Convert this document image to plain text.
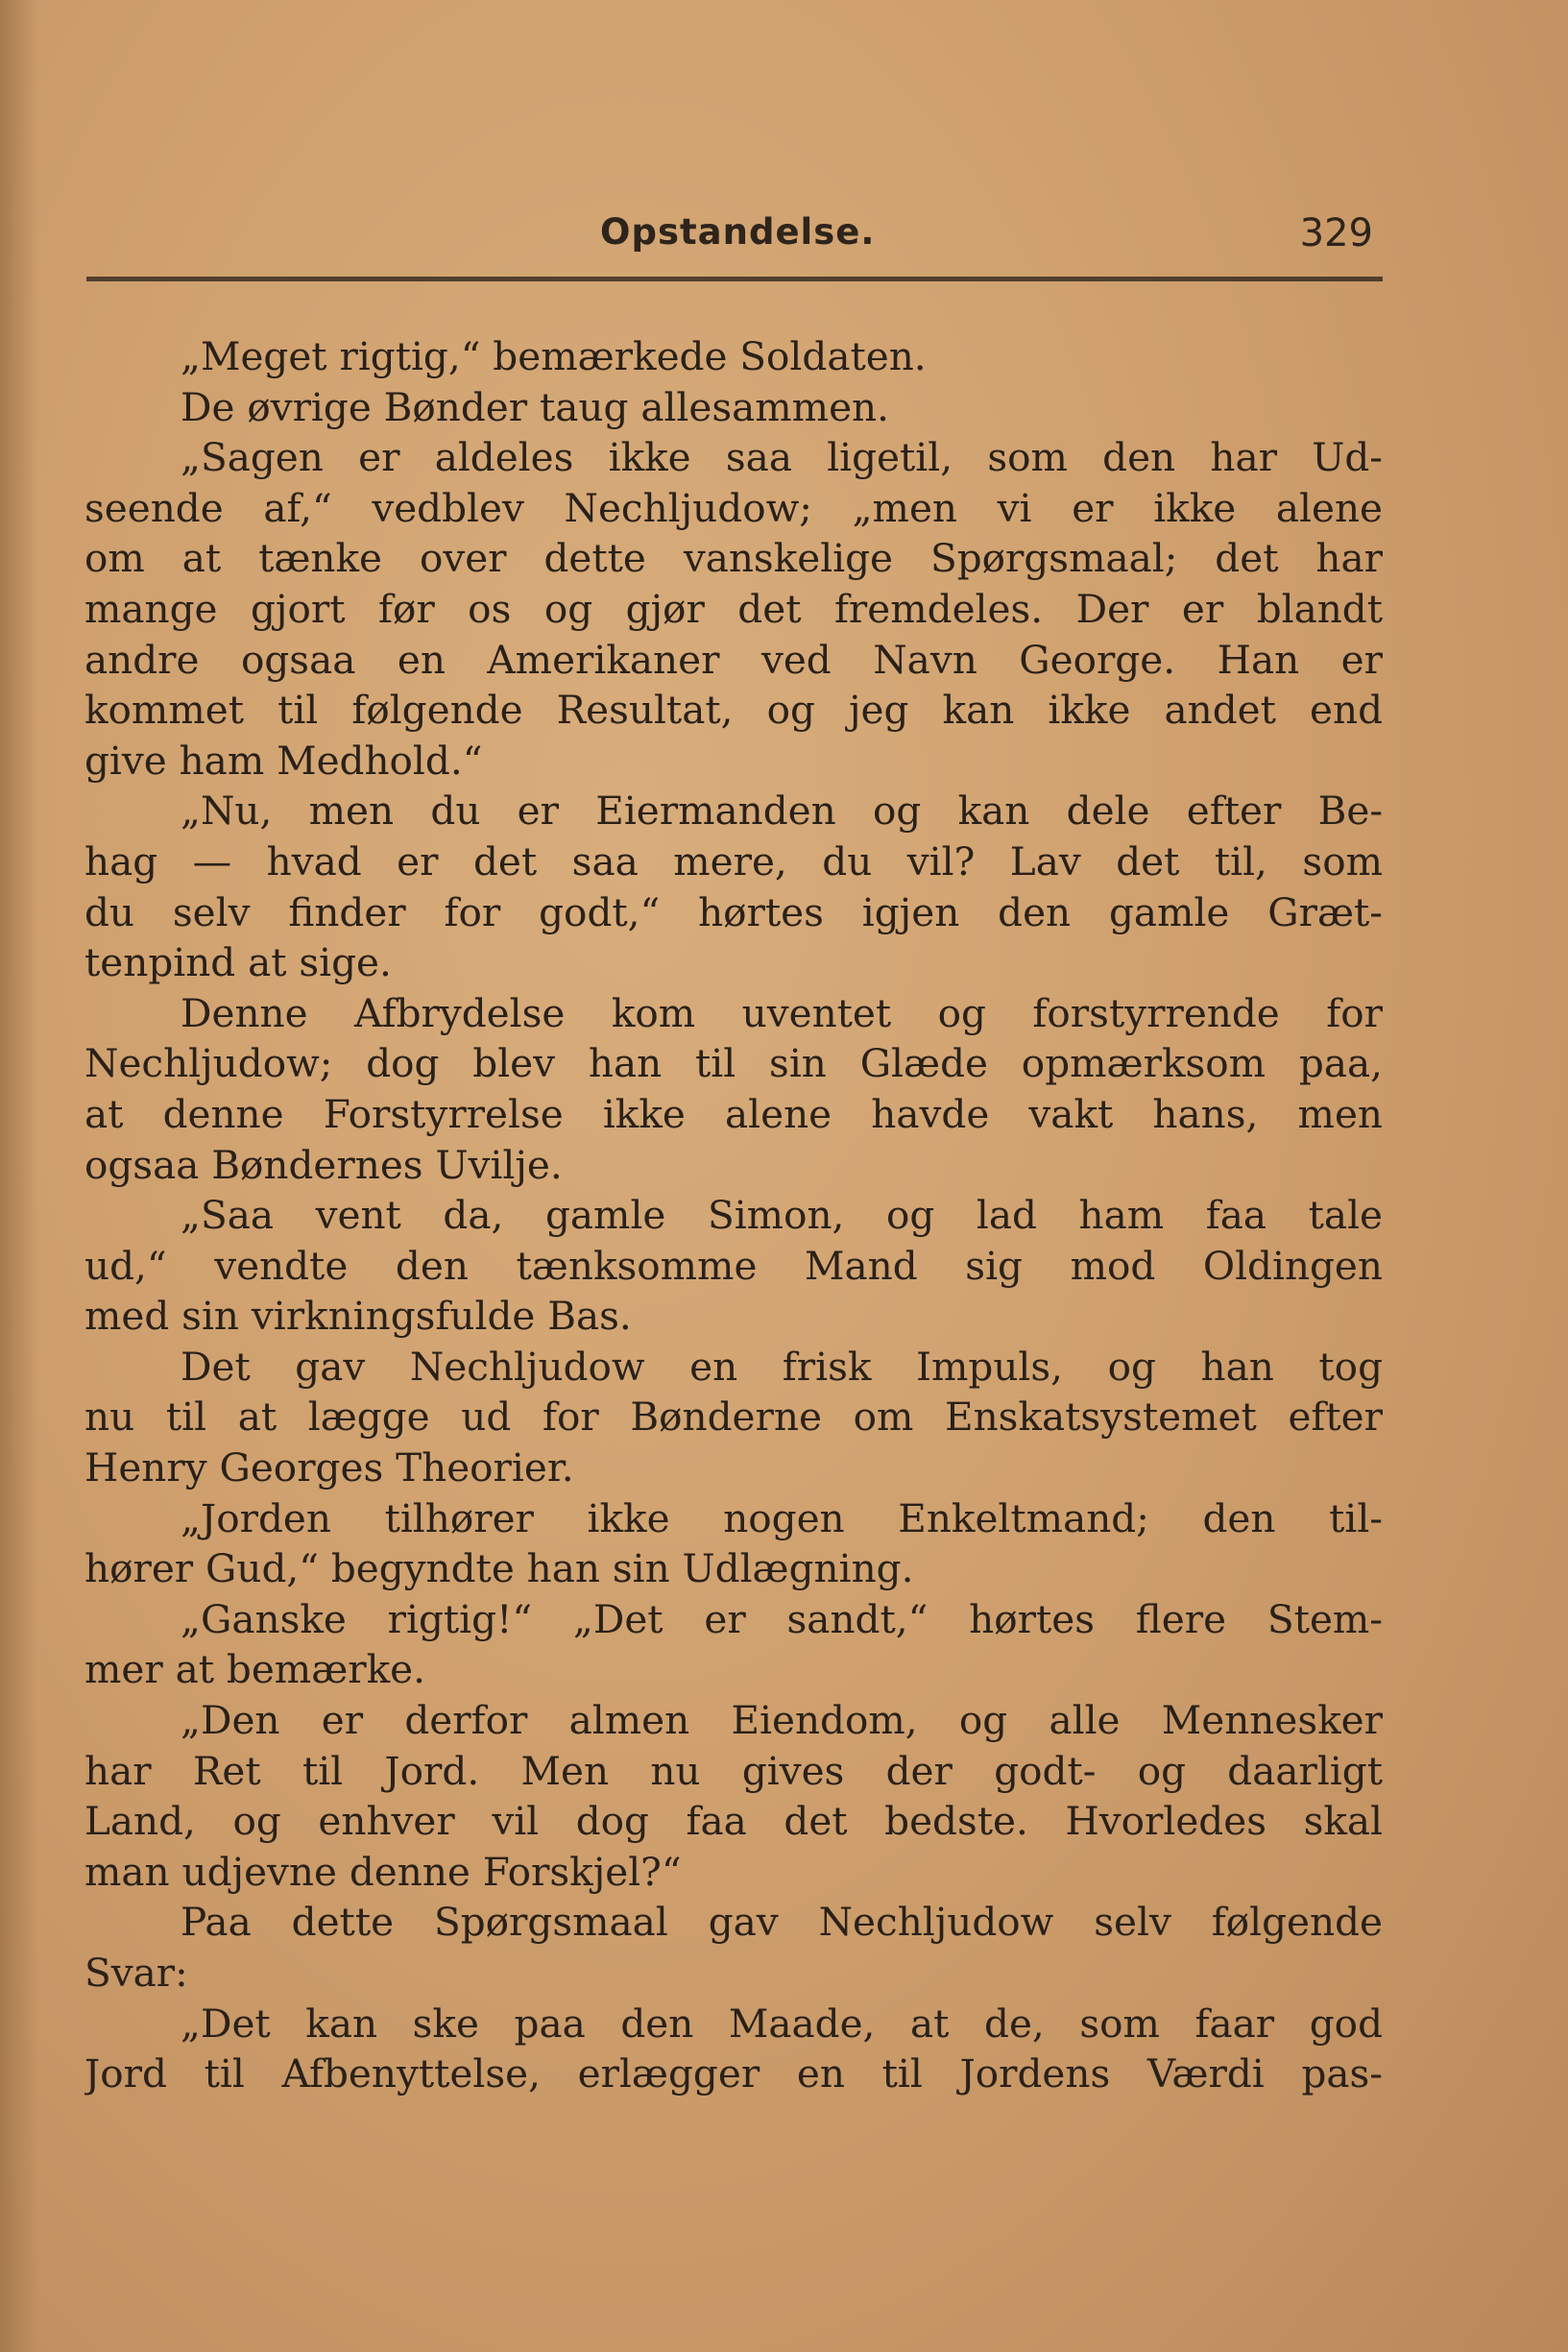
Opstandelse.	329
„Meget rigtig,“ bemærkede Soldaten.
De øvrige Bønder taug allesammen.
„Sagen er aldeles ikke saa ligetil, som den har Ud-
seende af,“ vedblev Nechljudow; „men vi er ikke alene
om at tænke over dette vanskelige Spørgsmaal; det har
mange gjort før os og gjør det fremdeles. Der er blandt
andre ogsaa en Amerikaner ved Navn George. Han er
kommet til følgende Resultat, og jeg kan ikke andet end
give ham Medhold.“
„Nu, men du er Eiermanden og kan dele efter Be-
hag — hvad er det saa mere, du vil? Lav det til, som
du selv finder for godt,“ hørtes igjen den gamle Græt-
tenpind at sige.
Denne Afbrydelse kom uventet og forstyrrende for
Nechljudow; dog blev han til sin Glæde opmærksom paa,
at denne Forstyrrelse ikke alene havde vakt hans, men
ogsaa Bøndernes Uvilje.
„Saa vent da, gamle Simon, og lad ham faa tale
ud,“ vendte den tænksomme Mand sig mod Oldingen
med sin virkningsfulde Bas.
Det gav Nechljudow en frisk Impuls, og han tog
nu til at lægge ud for Bønderne om Enskatsystemet efter
Henry Georges Theorier.
„Jorden tilhører ikke nogen Enkeltmand; den til-
hører Gud,“ begyndte han sin Udlægning.
„Ganske rigtig!“ „Det er sandt,“ hørtes flere Stem-
mer at bemærke.
„Den er derfor almen Eiendom, og alle Mennesker
har Ret til Jord. Men nu gives der godt- og daarligt
Land, og enhver vil dog faa det bedste. Hvorledes skal
man udjevne denne Forskjel?“
Paa dette Spørgsmaal gav Nechljudow selv følgende
Svar:
„Det kan ske paa den Maade, at de, som faar god
Jord til Afbenyttelse, erlægger en til Jordens Værdi pas-
